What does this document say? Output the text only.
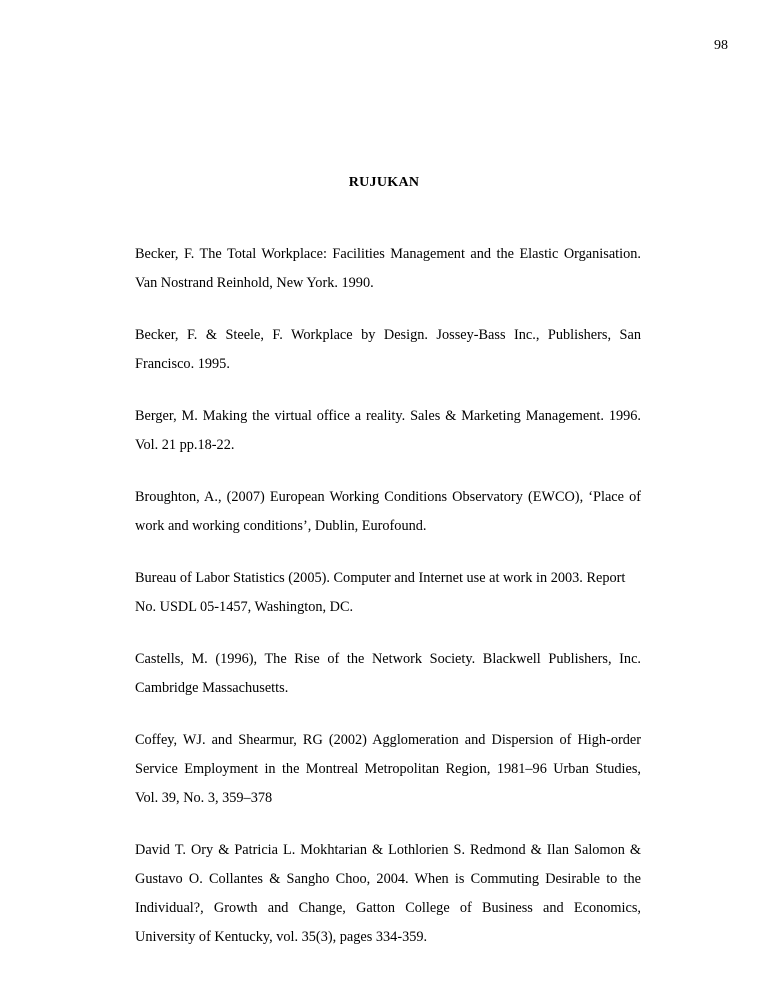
98
RUJUKAN

Becker, F. The Total Workplace: Facilities Management and the Elastic Organisation. Van Nostrand Reinhold, New York. 1990.

Becker, F. & Steele, F. Workplace by Design. Jossey-Bass Inc., Publishers, San Francisco. 1995.

Berger, M. Making the virtual office a reality. Sales & Marketing Management. 1996. Vol. 21 pp.18-22.

Broughton, A., (2007) European Working Conditions Observatory (EWCO), ‘Place of work and working conditions’, Dublin, Eurofound.

Bureau of Labor Statistics (2005). Computer and Internet use at work in 2003. Report No. USDL 05-1457, Washington, DC.

Castells, M. (1996), The Rise of the Network Society. Blackwell Publishers, Inc. Cambridge Massachusetts.

Coffey, WJ. and Shearmur, RG (2002) Agglomeration and Dispersion of High-order Service Employment in the Montreal Metropolitan Region, 1981–96 Urban Studies, Vol. 39, No. 3, 359–378

David T. Ory & Patricia L. Mokhtarian & Lothlorien S. Redmond & Ilan Salomon & Gustavo O. Collantes & Sangho Choo, 2004. When is Commuting Desirable to the Individual?, Growth and Change, Gatton College of Business and Economics, University of Kentucky, vol. 35(3), pages 334-359.
